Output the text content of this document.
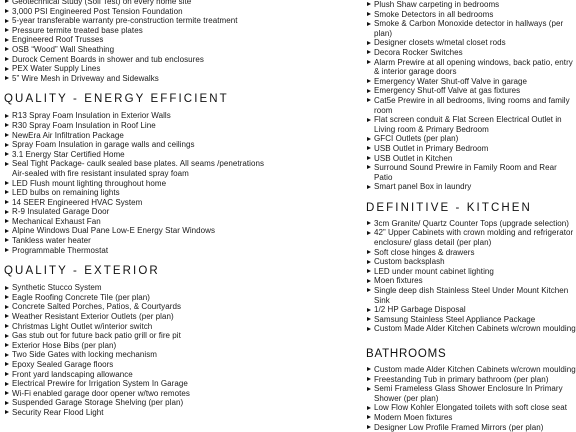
Geotechnical Study (Soil Test) on every home site
3,000 PSI Engineered Post Tension Foundation
5-year transferable warranty pre-construction termite treatment
Pressure termite treated base plates
Engineered Roof Trusses
OSB “Wood” Wall Sheathing
Durock Cement Boards in shower and tub enclosures
PEX Water Supply Lines
5” Wire Mesh in Driveway and Sidewalks
QUALITY - ENERGY EFFICIENT
R13 Spray Foam Insulation in Exterior Walls
R30 Spray Foam Insulation in Roof Line
NewEra Air Infiltration Package
Spray Foam Insulation in garage walls and ceilings
3.1 Energy Star Certified Home
Seal Tight Package- caulk sealed base plates. All seams /penetrations Air-sealed with fire resistant insulated spray foam
LED Flush mount lighting throughout home
LED bulbs on remaining lights
14 SEER Engineered HVAC System
R-9 Insulated Garage Door
Mechanical Exhaust Fan
Alpine Windows Dual Pane Low-E Energy Star Windows
Tankless water heater
Programmable Thermostat
QUALITY - EXTERIOR
Synthetic Stucco System
Eagle Roofing Concrete Tile (per plan)
Concrete Salted Porches, Patios, & Courtyards
Weather Resistant Exterior Outlets (per plan)
Christmas Light Outlet w/interior switch
Gas stub out for future back patio grill or fire pit
Exterior Hose Bibs (per plan)
Two Side Gates with locking mechanism
Epoxy Sealed Garage floors
Front yard landscaping allowance
Electrical Prewire for Irrigation System In Garage
Wi-Fi enabled garage door opener w/two remotes
Suspended Garage Storage Shelving (per plan)
Security Rear Flood Light
Plush Shaw carpeting in bedrooms
Smoke Detectors in all bedrooms
Smoke & Carbon Monoxide detector in hallways (per plan)
Designer closets w/metal closet rods
Decora Rocker Switches
Alarm Prewire at all opening windows, back patio, entry & interior garage doors
Emergency Water Shut-off Valve in garage
Emergency Shut-off Valve at gas fixtures
Cat5e Prewire in all bedrooms, living rooms and family room
Flat screen conduit & Flat Screen Electrical Outlet in Living room & Primary Bedroom
GFCI Outlets (per plan)
USB Outlet in Primary Bedroom
USB Outlet in Kitchen
Surround Sound Prewire in Family Room and Rear Patio
Smart panel Box in laundry
DEFINITIVE - KITCHEN
3cm Granite/ Quartz Counter Tops (upgrade selection)
42” Upper Cabinets with crown molding and refrigerator enclosure/ glass detail (per plan)
Soft close hinges & drawers
Custom backsplash
LED under mount cabinet lighting
Moen fixtures
Single deep dish Stainless Steel Under Mount Kitchen Sink
1/2 HP Garbage Disposal
Samsung Stainless Steel Appliance Package
Custom Made Alder Kitchen Cabinets w/crown moulding
BATHROOMS
Custom made Alder Kitchen Cabinets w/crown moulding
Freestanding Tub in primary bathroom (per plan)
Semi Frameless Glass Shower Enclosure In Primary Shower (per plan)
Low Flow Kohler Elongated toilets with soft close seat
Modern Moen fixtures
Designer Low Profile Framed Mirrors (per plan)
